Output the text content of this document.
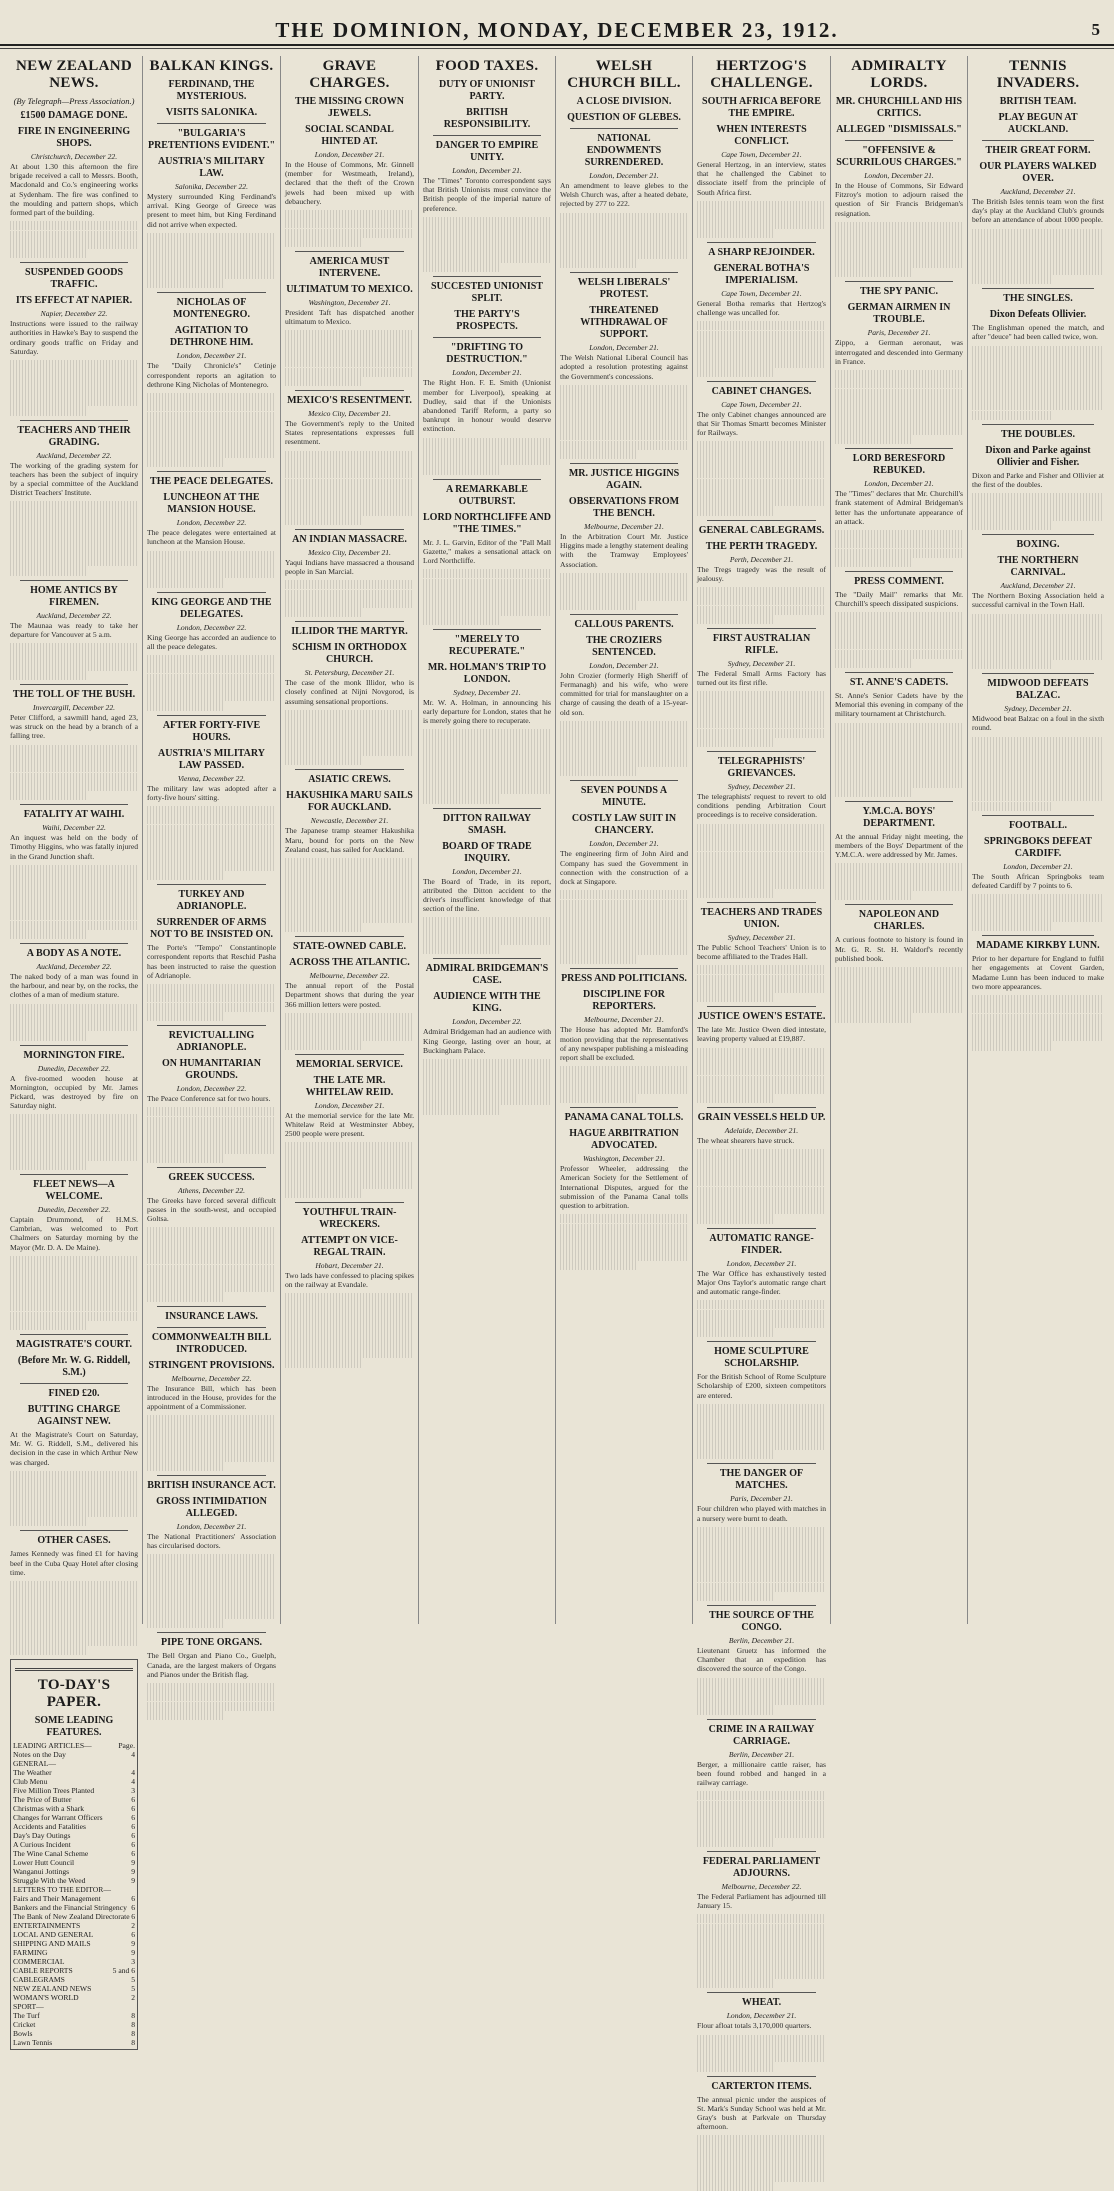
THE DOMINION, MONDAY, DECEMBER 23, 1912.	5
NEW ZEALAND NEWS.
(By Telegraph—Press Association.)
£1500 DAMAGE DONE.
FIRE IN ENGINEERING SHOPS.
Christchurch, December 22.

At about 1.30 this afternoon the fire brigade received a call to Messrs. Booth, Macdonald and Co.'s engineering works at Sydenham. The fire was confined to the moulding and pattern shops, which formed part of the building.

SUSPENDED GOODS TRAFFIC.
ITS EFFECT AT NAPIER.
Napier, December 22.

Instructions were issued to the railway authorities in Hawke's Bay to suspend the ordinary goods traffic on Friday and Saturday.

TEACHERS AND THEIR GRADING.
Auckland, December 22.

The working of the grading system for teachers has been the subject of inquiry by a special committee of the Auckland District Teachers' Institute.

HOME ANTICS BY FIREMEN.
Auckland, December 22.

The Maunaa was ready to take her departure for Vancouver at 5 a.m.

THE TOLL OF THE BUSH.
Invercargill, December 22.

Peter Clifford, a sawmill hand, aged 23, was struck on the head by a branch of a falling tree.

FATALITY AT WAIHI.
Waihi, December 22.

An inquest was held on the body of Timothy Higgins, who was fatally injured in the Grand Junction shaft.

A BODY AS A NOTE.
Auckland, December 22.

The naked body of a man was found in the harbour, and near by, on the rocks, the clothes of a man of medium stature.

MORNINGTON FIRE.
Dunedin, December 22.

A five-roomed wooden house at Mornington, occupied by Mr. James Pickard, was destroyed by fire on Saturday night.

FLEET NEWS—A WELCOME.
Dunedin, December 22.

Captain Drummond, of H.M.S. Cambrian, was welcomed to Port Chalmers on Saturday morning by the Mayor (Mr. D. A. De Maine).

MAGISTRATE'S COURT.
(Before Mr. W. G. Riddell, S.M.)
FINED £20.
BUTTING CHARGE AGAINST NEW.

At the Magistrate's Court on Saturday, Mr. W. G. Riddell, S.M., delivered his decision in the case in which Arthur New was charged.

OTHER CASES.

James Kennedy was fined £1 for having beef in the Cuba Quay Hotel after closing time.

TO-DAY'S PAPER.
SOME LEADING FEATURES.
LEADING ARTICLES—	Page.
Notes on the Day	4
GENERAL—
The Weather	4
Club Menu	4
Five Million Trees Planted	3
The Price of Butter	6
Christmas with a Shark	6
Changes for Warrant Officers	6
Accidents and Fatalities	6
Day's Day Outings	6
A Curious Incident	6
The Wine Canal Scheme	6
Lower Hutt Council	9
Wanganui Jottings	9
Struggle With the Weed	9
LETTERS TO THE EDITOR—
Fairs and Their Management	6
Bankers and the Financial Stringency 6
The Bank of New Zealand Directorate 6
ENTERTAINMENTS	2
LOCAL AND GENERAL	6
SHIPPING AND MAILS	9
FARMING	9
COMMERCIAL	3
CABLE REPORTS	5 and 6
CABLEGRAMS	5
NEW ZEALAND NEWS	5
WOMAN'S WORLD	2
SPORT—
The Turf	8
Cricket	8
Bowls	8
Lawn Tennis	8
BALKAN KINGS.
FERDINAND, THE MYSTERIOUS.
VISITS SALONIKA.
"BULGARIA'S PRETENTIONS EVIDENT."
AUSTRIA'S MILITARY LAW.
Salonika, December 22.

Mystery surrounded King Ferdinand's arrival. King George of Greece was present to meet him, but King Ferdinand did not arrive when expected.

NICHOLAS OF MONTENEGRO.
AGITATION TO DETHRONE HIM.
London, December 21.

The "Daily Chronicle's" Cetinje correspondent reports an agitation to dethrone King Nicholas of Montenegro.

THE PEACE DELEGATES.
LUNCHEON AT THE MANSION HOUSE.
London, December 22.

The peace delegates were entertained at luncheon at the Mansion House.

KING GEORGE AND THE DELEGATES.
London, December 22.

King George has accorded an audience to all the peace delegates.

AFTER FORTY-FIVE HOURS.
AUSTRIA'S MILITARY LAW PASSED.
Vienna, December 22.

The military law was adopted after a forty-five hours' sitting.

TURKEY AND ADRIANOPLE.
SURRENDER OF ARMS NOT TO BE INSISTED ON.

The Porte's "Tempo" Constantinople correspondent reports that Reschid Pasha has been instructed to raise the question of Adrianople.

REVICTUALLING ADRIANOPLE.
ON HUMANITARIAN GROUNDS.
London, December 22.

The Peace Conference sat for two hours.

GREEK SUCCESS.
Athens, December 22.

The Greeks have forced several difficult passes in the south-west, and occupied Goltsa.

INSURANCE LAWS.
COMMONWEALTH BILL INTRODUCED.
STRINGENT PROVISIONS.
Melbourne, December 22.

The Insurance Bill, which has been introduced in the House, provides for the appointment of a Commissioner.

BRITISH INSURANCE ACT.
GROSS INTIMIDATION ALLEGED.
London, December 21.

The National Practitioners' Association has circularised doctors.

PIPE TONE ORGANS.

The Bell Organ and Piano Co., Guelph, Canada, are the largest makers of Organs and Pianos under the British flag.

GRAVE CHARGES.
THE MISSING CROWN JEWELS.
SOCIAL SCANDAL HINTED AT.
London, December 21.

In the House of Commons, Mr. Ginnell (member for Westmeath, Ireland), declared that the theft of the Crown jewels had been mixed up with debauchery.

AMERICA MUST INTERVENE.
ULTIMATUM TO MEXICO.
Washington, December 21.

President Taft has dispatched another ultimatum to Mexico.

MEXICO'S RESENTMENT.
Mexico City, December 21.

The Government's reply to the United States representations expresses full resentment.

AN INDIAN MASSACRE.
Mexico City, December 21.

Yaqui Indians have massacred a thousand people in San Marcial.

ILLIDOR THE MARTYR.
SCHISM IN ORTHODOX CHURCH.
St. Petersburg, December 21.

The case of the monk Illidor, who is closely confined at Nijni Novgorod, is assuming sensational proportions.

ASIATIC CREWS.
HAKUSHIKA MARU SAILS FOR AUCKLAND.
Newcastle, December 21.

The Japanese tramp steamer Hakushika Maru, bound for ports on the New Zealand coast, has sailed for Auckland.

STATE-OWNED CABLE.
ACROSS THE ATLANTIC.
Melbourne, December 22.

The annual report of the Postal Department shows that during the year 366 million letters were posted.

MEMORIAL SERVICE.
THE LATE MR. WHITELAW REID.
London, December 21.

At the memorial service for the late Mr. Whitelaw Reid at Westminster Abbey, 2500 people were present.

YOUTHFUL TRAIN-WRECKERS.
ATTEMPT ON VICE-REGAL TRAIN.
Hobart, December 21.

Two lads have confessed to placing spikes on the railway at Evandale.

FOOD TAXES.
DUTY OF UNIONIST PARTY.
BRITISH RESPONSIBILITY.
DANGER TO EMPIRE UNITY.
London, December 21.

The "Times" Toronto correspondent says that British Unionists must convince the British people of the imperial nature of preference.

SUCCESTED UNIONIST SPLIT.
THE PARTY'S PROSPECTS.
"DRIFTING TO DESTRUCTION."
London, December 21.

The Right Hon. F. E. Smith (Unionist member for Liverpool), speaking at Dudley, said that if the Unionists abandoned Tariff Reform, a party so bankrupt in honour would deserve extinction.

A REMARKABLE OUTBURST.
LORD NORTHCLIFFE AND "THE TIMES."

Mr. J. L. Garvin, Editor of the "Pall Mall Gazette," makes a sensational attack on Lord Northcliffe.

"MERELY TO RECUPERATE."
MR. HOLMAN'S TRIP TO LONDON.
Sydney, December 21.

Mr. W. A. Holman, in announcing his early departure for London, states that he is merely going there to recuperate.

DITTON RAILWAY SMASH.
BOARD OF TRADE INQUIRY.
London, December 21.

The Board of Trade, in its report, attributed the Ditton accident to the driver's insufficient knowledge of that section of the line.

ADMIRAL BRIDGEMAN'S CASE.
AUDIENCE WITH THE KING.
London, December 22.

Admiral Bridgeman had an audience with King George, lasting over an hour, at Buckingham Palace.

WELSH CHURCH BILL.
A CLOSE DIVISION.
QUESTION OF GLEBES.
NATIONAL ENDOWMENTS SURRENDERED.
London, December 21.

An amendment to leave glebes to the Welsh Church was, after a heated debate, rejected by 277 to 222.

WELSH LIBERALS' PROTEST.
THREATENED WITHDRAWAL OF SUPPORT.
London, December 21.

The Welsh National Liberal Council has adopted a resolution protesting against the Government's concessions.

MR. JUSTICE HIGGINS AGAIN.
OBSERVATIONS FROM THE BENCH.
Melbourne, December 21.

In the Arbitration Court Mr. Justice Higgins made a lengthy statement dealing with the Tramway Employees' Association.

CALLOUS PARENTS.
THE CROZIERS SENTENCED.
London, December 21.

John Crozier (formerly High Sheriff of Fermanagh) and his wife, who were committed for trial for manslaughter on a charge of causing the death of a 15-year-old son.

SEVEN POUNDS A MINUTE.
COSTLY LAW SUIT IN CHANCERY.
London, December 21.

The engineering firm of John Aird and Company has sued the Government in connection with the construction of a dock at Singapore.

PRESS AND POLITICIANS.
DISCIPLINE FOR REPORTERS.
Melbourne, December 21.

The House has adopted Mr. Bamford's motion providing that the representatives of any newspaper publishing a misleading report shall be excluded.

PANAMA CANAL TOLLS.
HAGUE ARBITRATION ADVOCATED.
Washington, December 21.

Professor Wheeler, addressing the American Society for the Settlement of International Disputes, argued for the submission of the Panama Canal tolls question to arbitration.

HERTZOG'S CHALLENGE.
SOUTH AFRICA BEFORE THE EMPIRE.
WHEN INTERESTS CONFLICT.
Cape Town, December 21.

General Hertzog, in an interview, states that he challenged the Cabinet to dissociate itself from the principle of South Africa first.

A SHARP REJOINDER.
GENERAL BOTHA'S IMPERIALISM.
Cape Town, December 21.

General Botha remarks that Hertzog's challenge was uncalled for.

CABINET CHANGES.
Cape Town, December 21.

The only Cabinet changes announced are that Sir Thomas Smartt becomes Minister for Railways.

GENERAL CABLEGRAMS.
THE PERTH TRAGEDY.
Perth, December 21.

The Tregs tragedy was the result of jealousy.

FIRST AUSTRALIAN RIFLE.
Sydney, December 21.

The Federal Small Arms Factory has turned out its first rifle.

TELEGRAPHISTS' GRIEVANCES.
Sydney, December 21.

The telegraphists' request to revert to old conditions pending Arbitration Court proceedings is to receive consideration.

TEACHERS AND TRADES UNION.
Sydney, December 21.

The Public School Teachers' Union is to become affiliated to the Trades Hall.

JUSTICE OWEN'S ESTATE.

The late Mr. Justice Owen died intestate, leaving property valued at £19,887.

GRAIN VESSELS HELD UP.
Adelaide, December 21.

The wheat shearers have struck.

AUTOMATIC RANGE-FINDER.
London, December 21.

The War Office has exhaustively tested Major Ons Taylor's automatic range chart and automatic range-finder.

HOME SCULPTURE SCHOLARSHIP.

For the British School of Rome Sculpture Scholarship of £200, sixteen competitors are entered.

THE DANGER OF MATCHES.
Paris, December 21.

Four children who played with matches in a nursery were burnt to death.

THE SOURCE OF THE CONGO.
Berlin, December 21.

Lieutenant Gruetz has informed the Chamber that an expedition has discovered the source of the Congo.

CRIME IN A RAILWAY CARRIAGE.
Berlin, December 21.

Berger, a millionaire cattle raiser, has been found robbed and hanged in a railway carriage.

FEDERAL PARLIAMENT ADJOURNS.
Melbourne, December 22.

The Federal Parliament has adjourned till January 15.

WHEAT.
London, December 21.

Flour afloat totals 3,170,000 quarters.

CARTERTON ITEMS.

The annual picnic under the auspices of St. Mark's Sunday School was held at Mr. Gray's bush at Parkvale on Thursday afternoon.

ADMIRALTY LORDS.
MR. CHURCHILL AND HIS CRITICS.
ALLEGED "DISMISSALS."
"OFFENSIVE & SCURRILOUS CHARGES."
London, December 21.

In the House of Commons, Sir Edward Fitzroy's motion to adjourn raised the question of Sir Francis Bridgeman's resignation.

THE SPY PANIC.
GERMAN AIRMEN IN TROUBLE.
Paris, December 21.

Zippo, a German aeronaut, was interrogated and descended into Germany in France.

LORD BERESFORD REBUKED.
London, December 21.

The "Times" declares that Mr. Churchill's frank statement of Admiral Bridgeman's letter has the unfortunate appearance of an attack.

PRESS COMMENT.

The "Daily Mail" remarks that Mr. Churchill's speech dissipated suspicions.

ST. ANNE'S CADETS.

St. Anne's Senior Cadets have by the Memorial this evening in company of the military tournament at Christchurch.

Y.M.C.A. BOYS' DEPARTMENT.

At the annual Friday night meeting, the members of the Boys' Department of the Y.M.C.A. were addressed by Mr. James.

NAPOLEON AND CHARLES.

A curious footnote to history is found in Mr. G. R. St. H. Waldorf's recently published book.

TENNIS INVADERS.
BRITISH TEAM.
PLAY BEGUN AT AUCKLAND.
THEIR GREAT FORM.
OUR PLAYERS WALKED OVER.
Auckland, December 21.

The British Isles tennis team won the first day's play at the Auckland Club's grounds before an attendance of about 1000 people.

THE SINGLES.
Dixon Defeats Ollivier.

The Englishman opened the match, and after "deuce" had been called twice, won.

THE DOUBLES.
Dixon and Parke against Ollivier and Fisher.

Dixon and Parke and Fisher and Ollivier at the first of the doubles.

BOXING.
THE NORTHERN CARNIVAL.
Auckland, December 21.

The Northern Boxing Association held a successful carnival in the Town Hall.

MIDWOOD DEFEATS BALZAC.
Sydney, December 21.

Midwood beat Balzac on a foul in the sixth round.

FOOTBALL.
SPRINGBOKS DEFEAT CARDIFF.
London, December 21.

The South African Springboks team defeated Cardiff by 7 points to 6.

MADAME KIRKBY LUNN.

Prior to her departure for England to fulfil her engagements at Covent Garden, Madame Lunn has been induced to make two more appearances.
